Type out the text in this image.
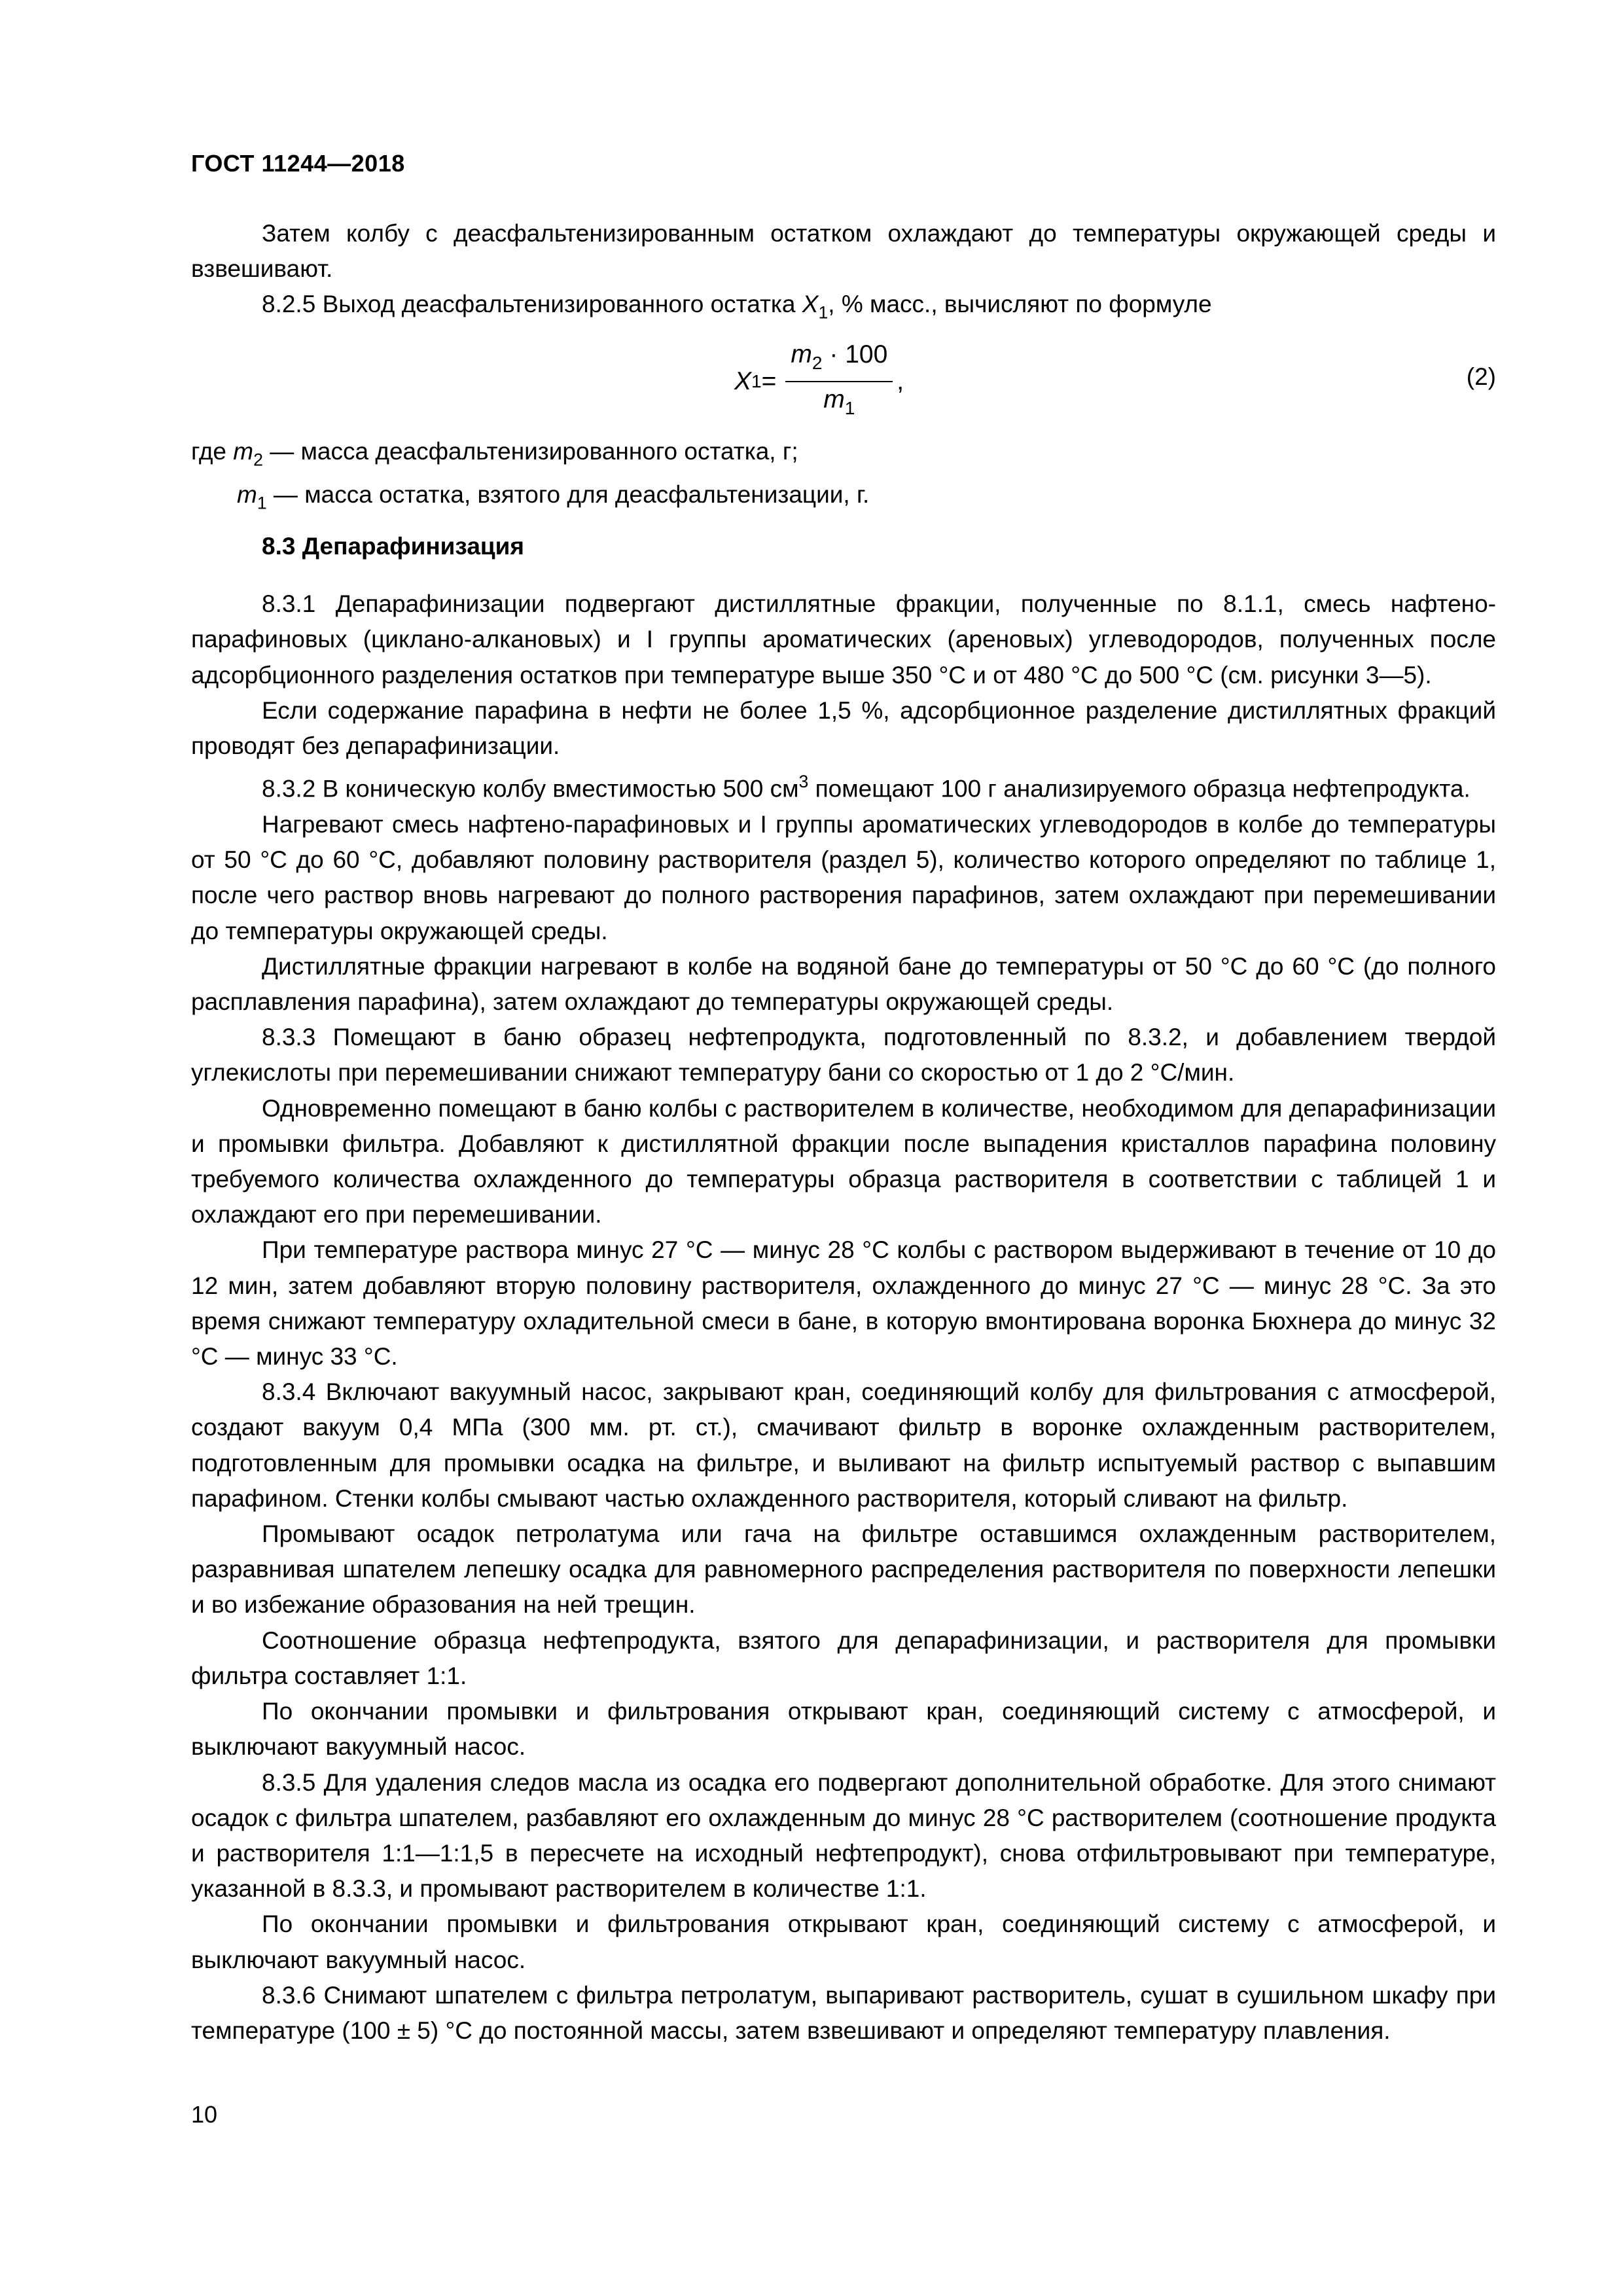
ГОСТ 11244—2018

Затем колбу с деасфальтенизированным остатком охлаждают до температуры окружающей среды и взвешивают.

8.2.5 Выход деасфальтенизированного остатка $X_1$, % масс., вычисляют по формуле

X $1 = \frac{m_2 \cdot 100}{m_1}$ ,	(2)

где $m_2$ — масса деасфальтенизированного остатка, г;

$m_1$ — масса остатка, взятого для деасфальтенизации, г.

8.3 Депарафинизация

8.3.1 Депарафинизации подвергают дистиллятные фракции, полученные по 8.1.1, смесь нафтено-парафиновых (циклано-алкановых) и I группы ароматических (ареновых) углеводородов, полученных после адсорбционного разделения остатков при температуре выше 350 °C и от 480 °C до 500 °C (см. рисунки 3—5).

Если содержание парафина в нефти не более 1,5 %, адсорбционное разделение дистиллятных фракций проводят без депарафинизации.

8.3.2 В коническую колбу вместимостью 500 $см^3$ помещают 100 г анализируемого образца нефтепродукта.

Нагревают смесь нафтено-парафиновых и I группы ароматических углеводородов в колбе до температуры от 50 °C до 60 °C, добавляют половину растворителя (раздел 5), количество которого определяют по таблице 1, после чего раствор вновь нагревают до полного растворения парафинов, затем охлаждают при перемешивании до температуры окружающей среды.

Дистиллятные фракции нагревают в колбе на водяной бане до температуры от 50 °C до 60 °C (до полного расплавления парафина), затем охлаждают до температуры окружающей среды.

8.3.3 Помещают в баню образец нефтепродукта, подготовленный по 8.3.2, и добавлением твердой углекислоты при перемешивании снижают температуру бани со скоростью от 1 до 2 °C/мин.

Одновременно помещают в баню колбы с растворителем в количестве, необходимом для депарафинизации и промывки фильтра. Добавляют к дистиллятной фракции после выпадения кристаллов парафина половину требуемого количества охлажденного до температуры образца растворителя в соответствии с таблицей 1 и охлаждают его при перемешивании.

При температуре раствора минус 27 °C — минус 28 °C колбы с раствором выдерживают в течение от 10 до 12 мин, затем добавляют вторую половину растворителя, охлажденного до минус 27 °C — минус 28 °C. За это время снижают температуру охладительной смеси в бане, в которую вмонтирована воронка Бюхнера до минус 32 °C — минус 33 °C.

8.3.4 Включают вакуумный насос, закрывают кран, соединяющий колбу для фильтрования с атмосферой, создают вакуум 0,4 МПа (300 мм. рт. ст.), смачивают фильтр в воронке охлажденным растворителем, подготовленным для промывки осадка на фильтре, и выливают на фильтр испытуемый раствор с выпавшим парафином. Стенки колбы смывают частью охлажденного растворителя, который сливают на фильтр.

Промывают осадок петролатума или гача на фильтре оставшимся охлажденным растворителем, разравнивая шпателем лепешку осадка для равномерного распределения растворителя по поверхности лепешки и во избежание образования на ней трещин.

Соотношение образца нефтепродукта, взятого для депарафинизации, и растворителя для промывки фильтра составляет 1:1.

По окончании промывки и фильтрования открывают кран, соединяющий систему с атмосферой, и выключают вакуумный насос.

8.3.5 Для удаления следов масла из осадка его подвергают дополнительной обработке. Для этого снимают осадок с фильтра шпателем, разбавляют его охлажденным до минус 28 °C растворителем (соотношение продукта и растворителя 1:1—1:1,5 в пересчете на исходный нефтепродукт), снова отфильтровывают при температуре, указанной в 8.3.3, и промывают растворителем в количестве 1:1.

По окончании промывки и фильтрования открывают кран, соединяющий систему с атмосферой, и выключают вакуумный насос.

8.3.6 Снимают шпателем с фильтра петролатум, выпаривают растворитель, сушат в сушильном шкафу при температуре (100 ± 5) °C до постоянной массы, затем взвешивают и определяют температуру плавления.

10
